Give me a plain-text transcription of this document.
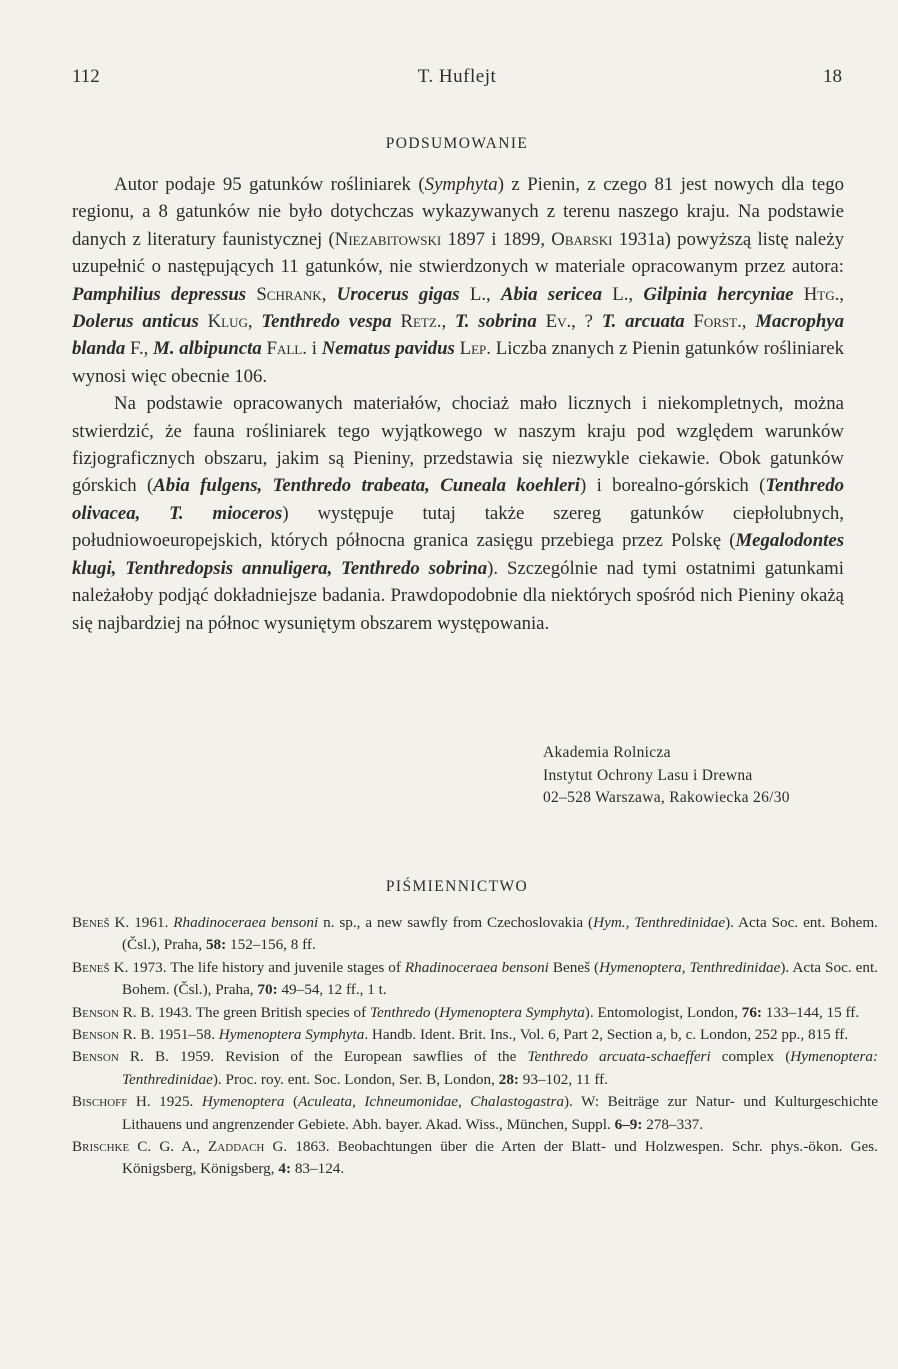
112	T. Huflejt	18
PODSUMOWANIE

Autor podaje 95 gatunków rośliniarek (Symphyta) z Pienin, z czego 81 jest nowych dla tego regionu, a 8 gatunków nie było dotychczas wykazywanych z terenu naszego kraju. Na podstawie danych z literatury faunistycznej (Niezabitowski 1897 i 1899, Obarski 1931a) powyższą listę należy uzupełnić o następujących 11 gatunków, nie stwierdzonych w materiale opracowanym przez autora: Pamphilius depressus Schrank, Urocerus gigas L., Abia sericea L., Gilpinia hercyniae Htg., Dolerus anticus Klug, Tenthredo vespa Retz., T. sobrina Ev., ? T. arcuata Forst., Macrophya blanda F., M. albipuncta Fall. i Nematus pavidus Lep. Liczba znanych z Pienin gatunków rośliniarek wynosi więc obecnie 106.

Na podstawie opracowanych materiałów, chociaż mało licznych i niekompletnych, można stwierdzić, że fauna rośliniarek tego wyjątkowego w naszym kraju pod względem warunków fizjograficznych obszaru, jakim są Pieniny, przedstawia się niezwykle ciekawie. Obok gatunków górskich (Abia fulgens, Tenthredo trabeata, Cuneala koehleri) i borealno-górskich (Tenthredo olivacea, T. mioceros) występuje tutaj także szereg gatunków ciepłolubnych, południowoeuropejskich, których północna granica zasięgu przebiega przez Polskę (Megalodontes klugi, Tenthredopsis annuligera, Tenthredo sobrina). Szczególnie nad tymi ostatnimi gatunkami należałoby podjąć dokładniejsze badania. Prawdopodobnie dla niektórych spośród nich Pieniny okażą się najbardziej na północ wysuniętym obszarem występowania.

Akademia Rolnicza
Instytut Ochrony Lasu i Drewna
02–528 Warszawa, Rakowiecka 26/30
PIŚMIENNICTWO
Beneš K. 1961. Rhadinoceraea bensoni n. sp., a new sawfly from Czechoslovakia (Hym., Tenthredinidae). Acta Soc. ent. Bohem. (Čsl.), Praha, 58: 152–156, 8 ff.
Beneš K. 1973. The life history and juvenile stages of Rhadinoceraea bensoni Beneš (Hymenoptera, Tenthredinidae). Acta Soc. ent. Bohem. (Čsl.), Praha, 70: 49–54, 12 ff., 1 t.
Benson R. B. 1943. The green British species of Tenthredo (Hymenoptera Symphyta). Entomologist, London, 76: 133–144, 15 ff.
Benson R. B. 1951–58. Hymenoptera Symphyta. Handb. Ident. Brit. Ins., Vol. 6, Part 2, Section a, b, c. London, 252 pp., 815 ff.
Benson R. B. 1959. Revision of the European sawflies of the Tenthredo arcuata-schaefferi complex (Hymenoptera: Tenthredinidae). Proc. roy. ent. Soc. London, Ser. B, London, 28: 93–102, 11 ff.
Bischoff H. 1925. Hymenoptera (Aculeata, Ichneumonidae, Chalastogastra). W: Beiträge zur Natur- und Kulturgeschichte Lithauens und angrenzender Gebiete. Abh. bayer. Akad. Wiss., München, Suppl. 6–9: 278–337.
Brischke C. G. A., Zaddach G. 1863. Beobachtungen über die Arten der Blatt- und Holzwespen. Schr. phys.-ökon. Ges. Königsberg, Königsberg, 4: 83–124.
